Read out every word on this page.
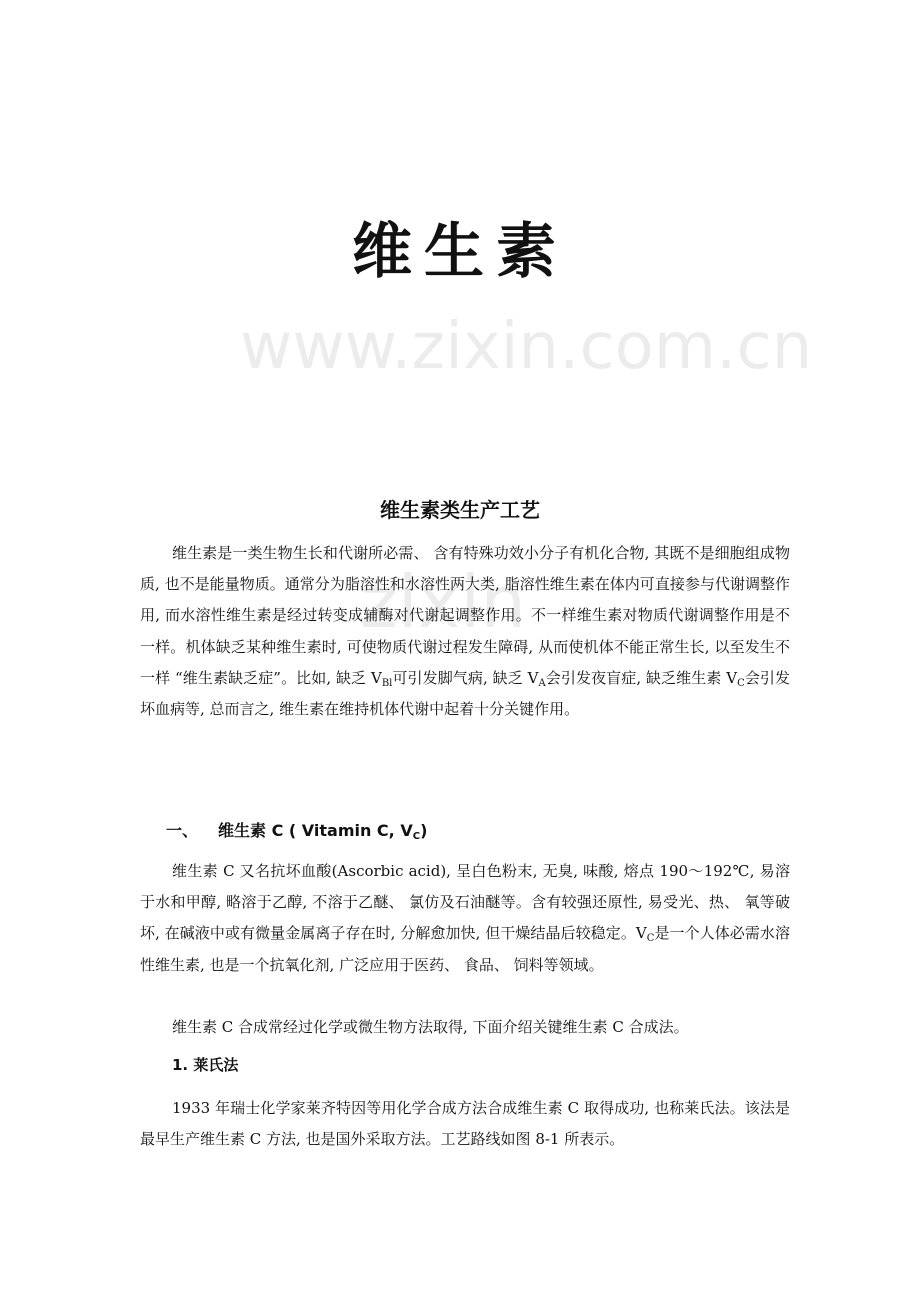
www.zixin.com.cn
zixin
维生素
维生素类生产工艺

维生素是一类生物生长和代谢所必需、 含有特殊功效小分子有机化合物, 其既不是细胞组成物质, 也不是能量物质。通常分为脂溶性和水溶性两大类, 脂溶性维生素在体内可直接参与代谢调整作用, 而水溶性维生素是经过转变成辅酶对代谢起调整作用。不一样维生素对物质代谢调整作用是不一样。机体缺乏某种维生素时, 可使物质代谢过程发生障碍, 从而使机体不能正常生长, 以至发生不一样 “维生素缺乏症”。比如, 缺乏 $V_{Bl}$可引发脚气病, 缺乏 $V_A$会引发夜盲症, 缺乏维生素 $V_C$会引发坏血病等, 总而言之, 维生素在维持机体代谢中起着十分关键作用。

一、 维生素 C ( Vitamin C, $V_C$)

维生素 C 又名抗坏血酸(Ascorbic acid), 呈白色粉末, 无臭, 味酸, 熔点 190～192℃, 易溶于水和甲醇, 略溶于乙醇, 不溶于乙醚、 氯仿及石油醚等。含有较强还原性, 易受光、热、 氧等破坏, 在碱液中或有微量金属离子存在时, 分解愈加快, 但干燥结晶后较稳定。$V_C$是一个人体必需水溶性维生素, 也是一个抗氧化剂, 广泛应用于医药、 食品、 饲料等领域。

维生素 C 合成常经过化学或微生物方法取得, 下面介绍关键维生素 C 合成法。

1. 莱氏法

1933 年瑞士化学家莱齐特因等用化学合成方法合成维生素 C 取得成功, 也称莱氏法。该法是最早生产维生素 C 方法, 也是国外采取方法。工艺路线如图 8-1 所表示。
